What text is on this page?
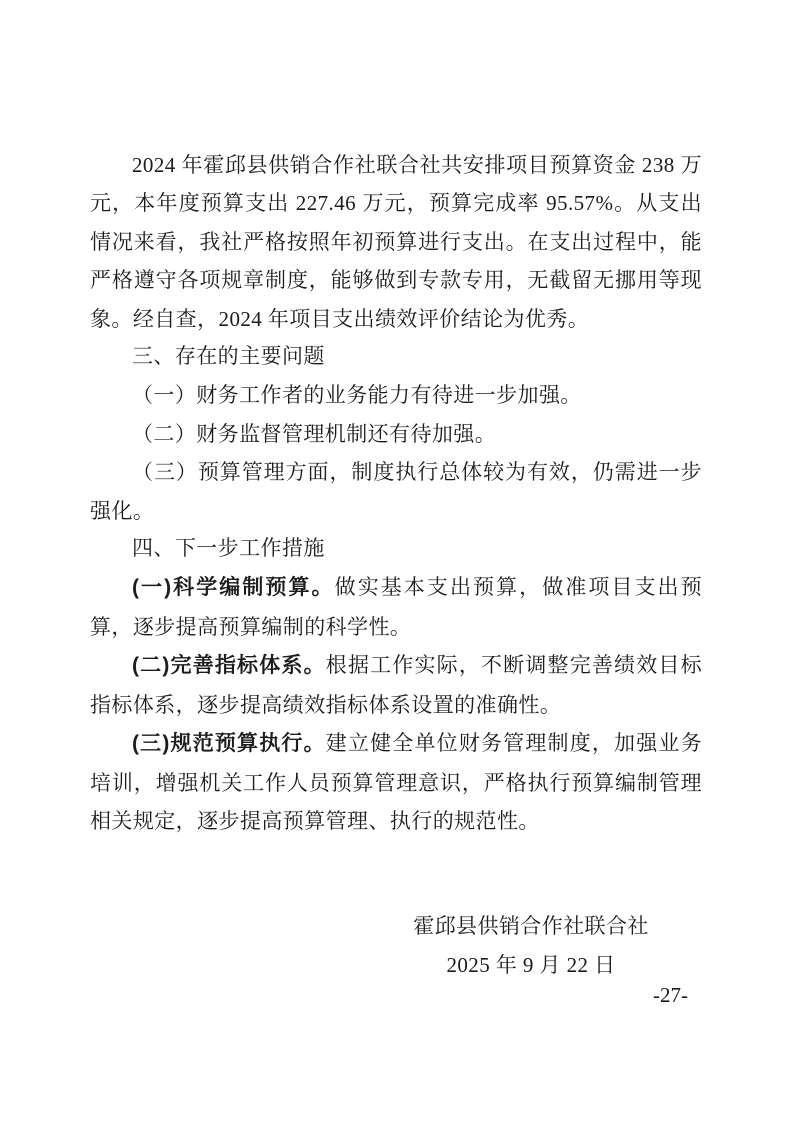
2024 年霍邱县供销合作社联合社共安排项目预算资金 238 万元，本年度预算支出 227.46 万元，预算完成率 95.57%。从支出情况来看，我社严格按照年初预算进行支出。在支出过程中，能严格遵守各项规章制度，能够做到专款专用，无截留无挪用等现象。经自查，2024 年项目支出绩效评价结论为优秀。

三、存在的主要问题

（一）财务工作者的业务能力有待进一步加强。

（二）财务监督管理机制还有待加强。

（三）预算管理方面，制度执行总体较为有效，仍需进一步强化。

四、下一步工作措施

(一)科学编制预算。做实基本支出预算，做准项目支出预算，逐步提高预算编制的科学性。

(二)完善指标体系。根据工作实际，不断调整完善绩效目标指标体系，逐步提高绩效指标体系设置的准确性。

(三)规范预算执行。建立健全单位财务管理制度，加强业务培训，增强机关工作人员预算管理意识，严格执行预算编制管理相关规定，逐步提高预算管理、执行的规范性。

霍邱县供销合作社联合社
2025 年 9 月 22 日
-27-
